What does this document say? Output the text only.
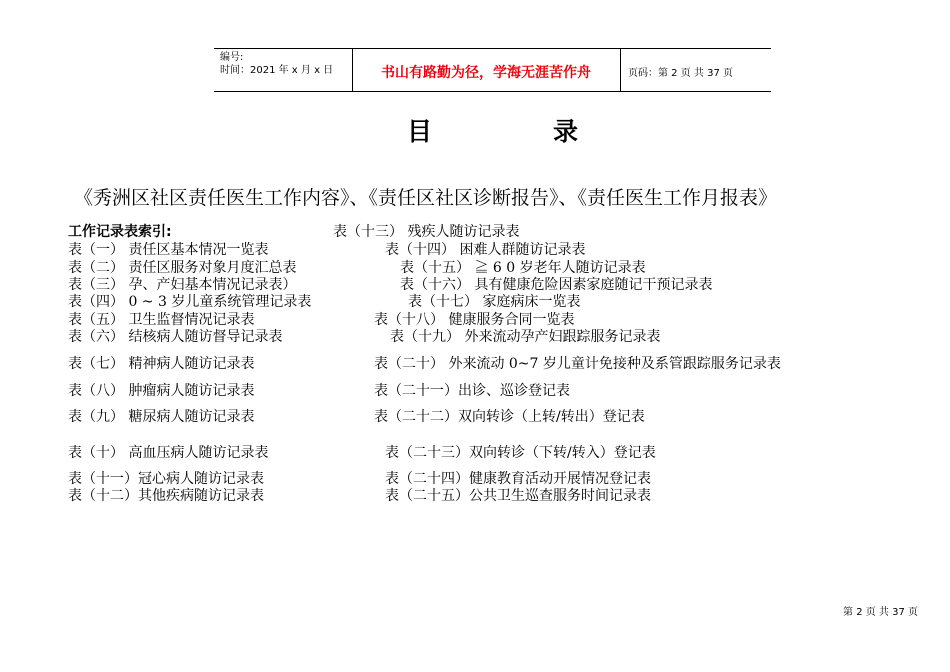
编号:
时间：2021 年 x 月 x 日	书山有路勤为径，学海无涯苦作舟	页码：第 2 页 共 37 页
目	录
《秀洲区社区责任医生工作内容》、《责任区社区诊断报告》、《责任医生工作月报表》
工作记录表索引:
表（一） 责任区基本情况一览表
表（二） 责任区服务对象月度汇总表
表（三） 孕、产妇基本情况记录表）
表（四） 0 ~ 3 岁儿童系统管理记录表
表（五） 卫生监督情况记录表
表（六） 结核病人随访督导记录表
表（七） 精神病人随访记录表
表（八） 肿瘤病人随访记录表
表（九） 糖尿病人随访记录表
表（十） 高血压病人随访记录表
表（十一）冠心病人随访记录表
表（十二）其他疾病随访记录表
表（十三） 残疾人随访记录表
表（十四） 困难人群随访记录表
表（十五） ≧ 6 0 岁老年人随访记录表
表（十六） 具有健康危险因素家庭随记干预记录表
表（十七） 家庭病床一览表
表（十八） 健康服务合同一览表
表（十九） 外来流动孕产妇跟踪服务记录表
表（二十） 外来流动 0~7 岁儿童计免接种及系管跟踪服务记录表
表（二十一）出诊、巡诊登记表
表（二十二）双向转诊（上转/转出）登记表
表（二十三）双向转诊（下转/转入）登记表
表（二十四）健康教育活动开展情况登记表
表（二十五）公共卫生巡查服务时间记录表
第 2 页 共 37 页
